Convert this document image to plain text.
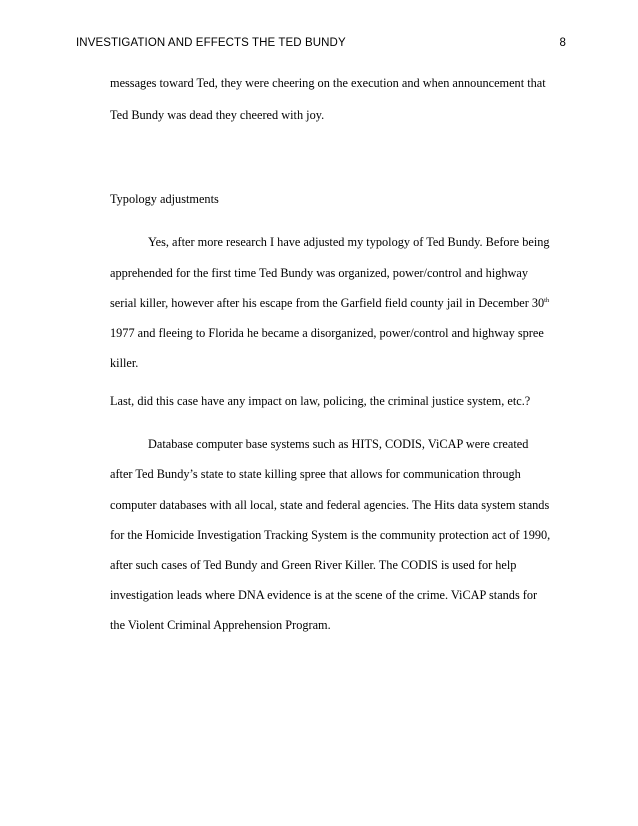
INVESTIGATION AND EFFECTS THE TED BUNDY	8
messages toward Ted, they were cheering on the execution and when announcement that
Ted Bundy was dead they cheered with joy.
Typology adjustments
Yes, after more research I have adjusted my typology of Ted Bundy. Before being
apprehended for the first time Ted Bundy was organized, power/control and highway
serial killer, however after his escape from the Garfield field county jail in December 30th
1977 and fleeing to Florida he became a disorganized, power/control and highway spree
killer.
Last, did this case have any impact on law, policing, the criminal justice system, etc.?
Database computer base systems such as HITS, CODIS, ViCAP were created
after Ted Bundy’s state to state killing spree that allows for communication through
computer databases with all local, state and federal agencies. The Hits data system stands
for the Homicide Investigation Tracking System is the community protection act of 1990,
after such cases of Ted Bundy and Green River Killer. The CODIS is used for help
investigation leads where DNA evidence is at the scene of the crime. ViCAP stands for
the Violent Criminal Apprehension Program.
